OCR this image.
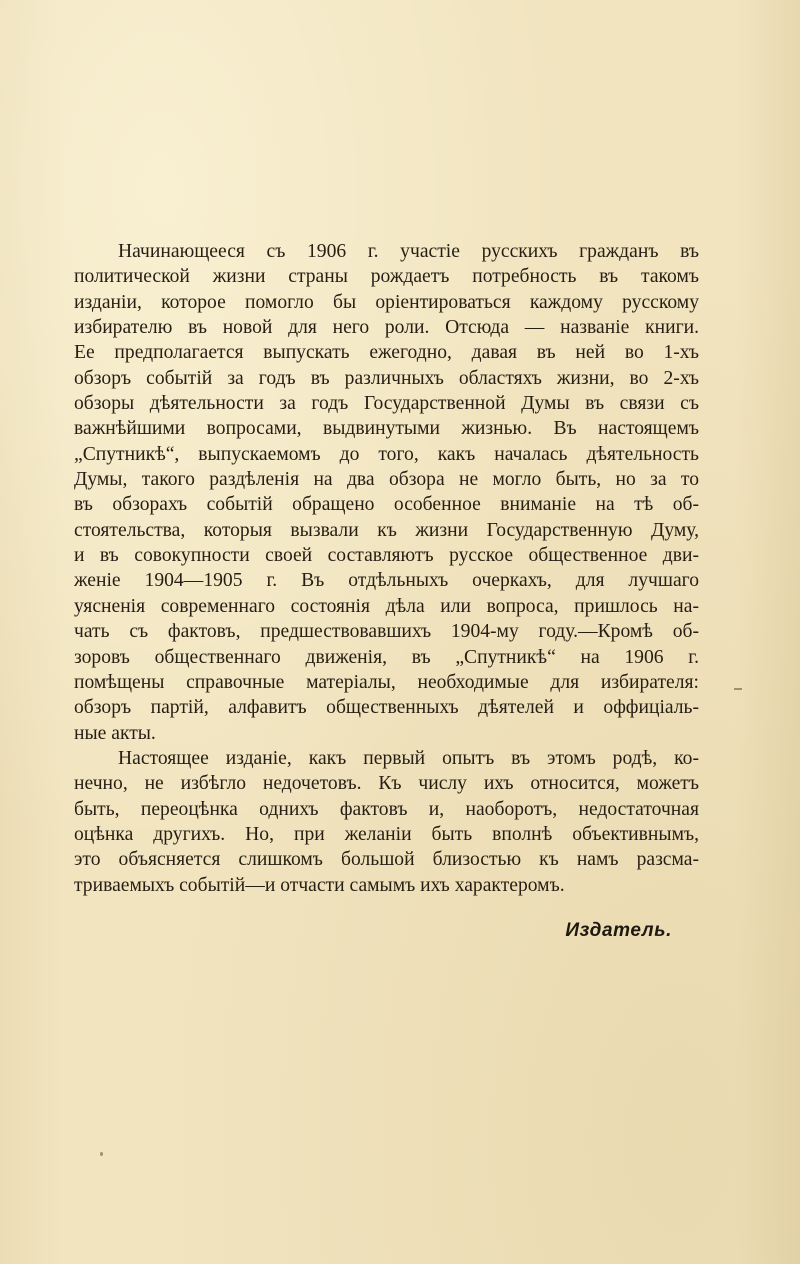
Начинающееся съ 1906 г. участіе русскихъ гражданъ въ
политической жизни страны рождаетъ потребность въ такомъ
изданіи, которое помогло бы оріентироваться каждому русскому
избирателю въ новой для него роли. Отсюда — названіе книги.
Ее предполагается выпускать ежегодно, давая въ ней во 1-хъ
обзоръ событій за годъ въ различныхъ областяхъ жизни, во 2-хъ
обзоры дѣятельности за годъ Государственной Думы въ связи съ
важнѣйшими вопросами, выдвинутыми жизнью. Въ настоящемъ
„Спутникѣ“, выпускаемомъ до того, какъ началась дѣятельность
Думы, такого раздѣленія на два обзора не могло быть, но за то
въ обзорахъ событій обращено особенное вниманіе на тѣ об-
стоятельства, которыя вызвали къ жизни Государственную Думу,
и въ совокупности своей составляютъ русское общественное дви-
женіе 1904—1905 г. Въ отдѣльныхъ очеркахъ, для лучшаго
уясненія современнаго состоянія дѣла или вопроса, пришлось на-
чать съ фактовъ, предшествовавшихъ 1904-му году.—Кромѣ об-
зоровъ общественнаго движенія, въ „Спутникѣ“ на 1906 г.
помѣщены справочные матеріалы, необходимые для избирателя:
обзоръ партій, алфавитъ общественныхъ дѣятелей и оффиціаль-
ные акты.

Настоящее изданіе, какъ первый опытъ въ этомъ родѣ, ко-
нечно, не избѣгло недочетовъ. Къ числу ихъ относится, можетъ
быть, переоцѣнка однихъ фактовъ и, наоборотъ, недостаточная
оцѣнка другихъ. Но, при желаніи быть вполнѣ объективнымъ,
это объясняется слишкомъ большой близостью къ намъ разсма-
триваемыхъ событій—и отчасти самымъ ихъ характеромъ.

Издатель.
